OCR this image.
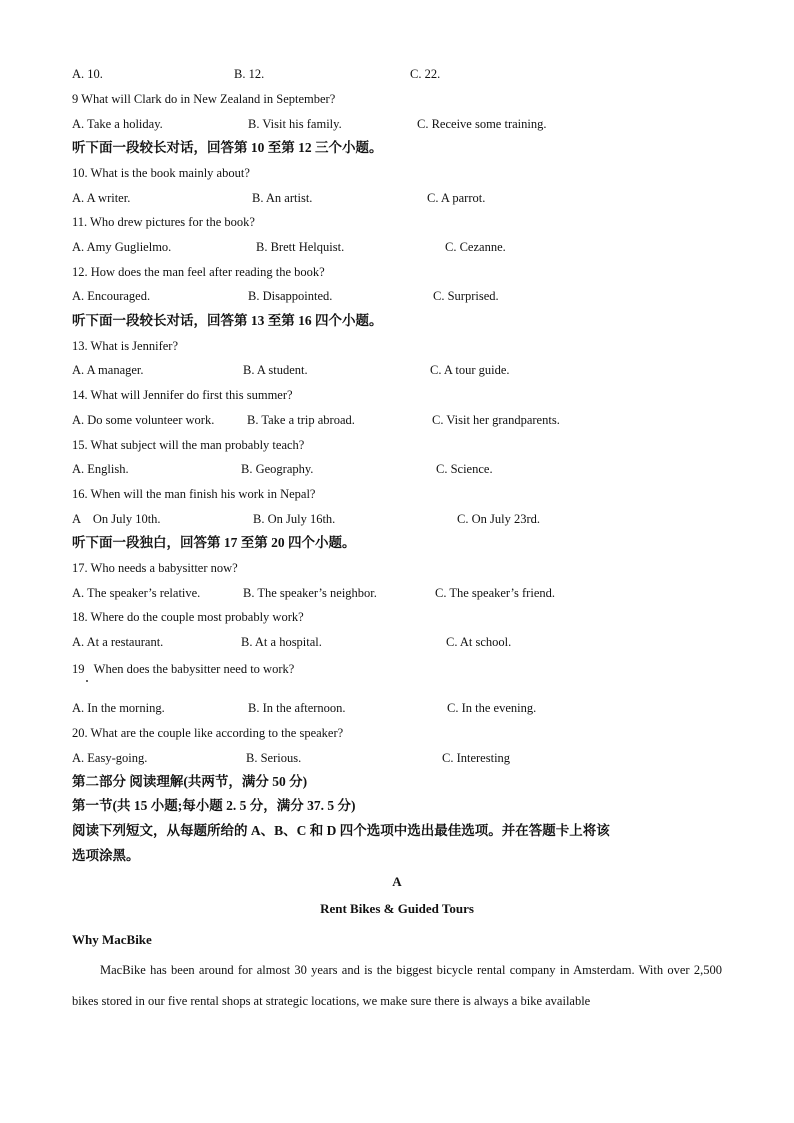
A. 10.	B. 12.	C. 22.
9 What will Clark do in New Zealand in September?
A. Take a holiday.	B. Visit his family.	C. Receive some training.
听下面一段较长对话，回答第 10 至第 12 三个小题。
10. What is the book mainly about?
A. A writer.	B. An artist.	C. A parrot.
11. Who drew pictures for the book?
A. Amy Guglielmo.	B. Brett Helquist.	C. Cezanne.
12. How does the man feel after reading the book?
A. Encouraged.	B. Disappointed.	C. Surprised.
听下面一段较长对话，回答第 13 至第 16 四个小题。
13. What is Jennifer?
A. A manager.	B. A student.	C. A tour guide.
14. What will Jennifer do first this summer?
A. Do some volunteer work.	B. Take a trip abroad.	C. Visit her grandparents.
15. What subject will the man probably teach?
A. English.	B. Geography.	C. Science.
16. When will the man finish his work in Nepal?
A    On July 10th.	B. On July 16th.	C. On July 23rd.
听下面一段独白，回答第 17 至第 20 四个小题。
17. Who needs a babysitter now?
A. The speaker’s relative.	B. The speaker’s neighbor.	C. The speaker’s friend.
18. Where do the couple most probably work?
A. At a restaurant.	B. At a hospital.	C. At school.
19   When does the babysitter need to work?
A. In the morning.	B. In the afternoon.	C. In the evening.
20. What are the couple like according to the speaker?
A. Easy-going.	B. Serious.	C. Interesting
第二部分 阅读理解(共两节，满分 50 分)
第一节(共 15 小题;每小题 2. 5 分，满分 37. 5 分)
阅读下列短文，从每题所给的 A、B、C 和 D 四个选项中选出最佳选项。并在答题卡上将该
选项涂黑。
A
Rent Bikes & Guided Tours
Why MacBike
MacBike has been around for almost 30 years and is the biggest bicycle rental company in Amsterdam. With over 2,500 bikes stored in our five rental shops at strategic locations, we make sure there is always a bike available
